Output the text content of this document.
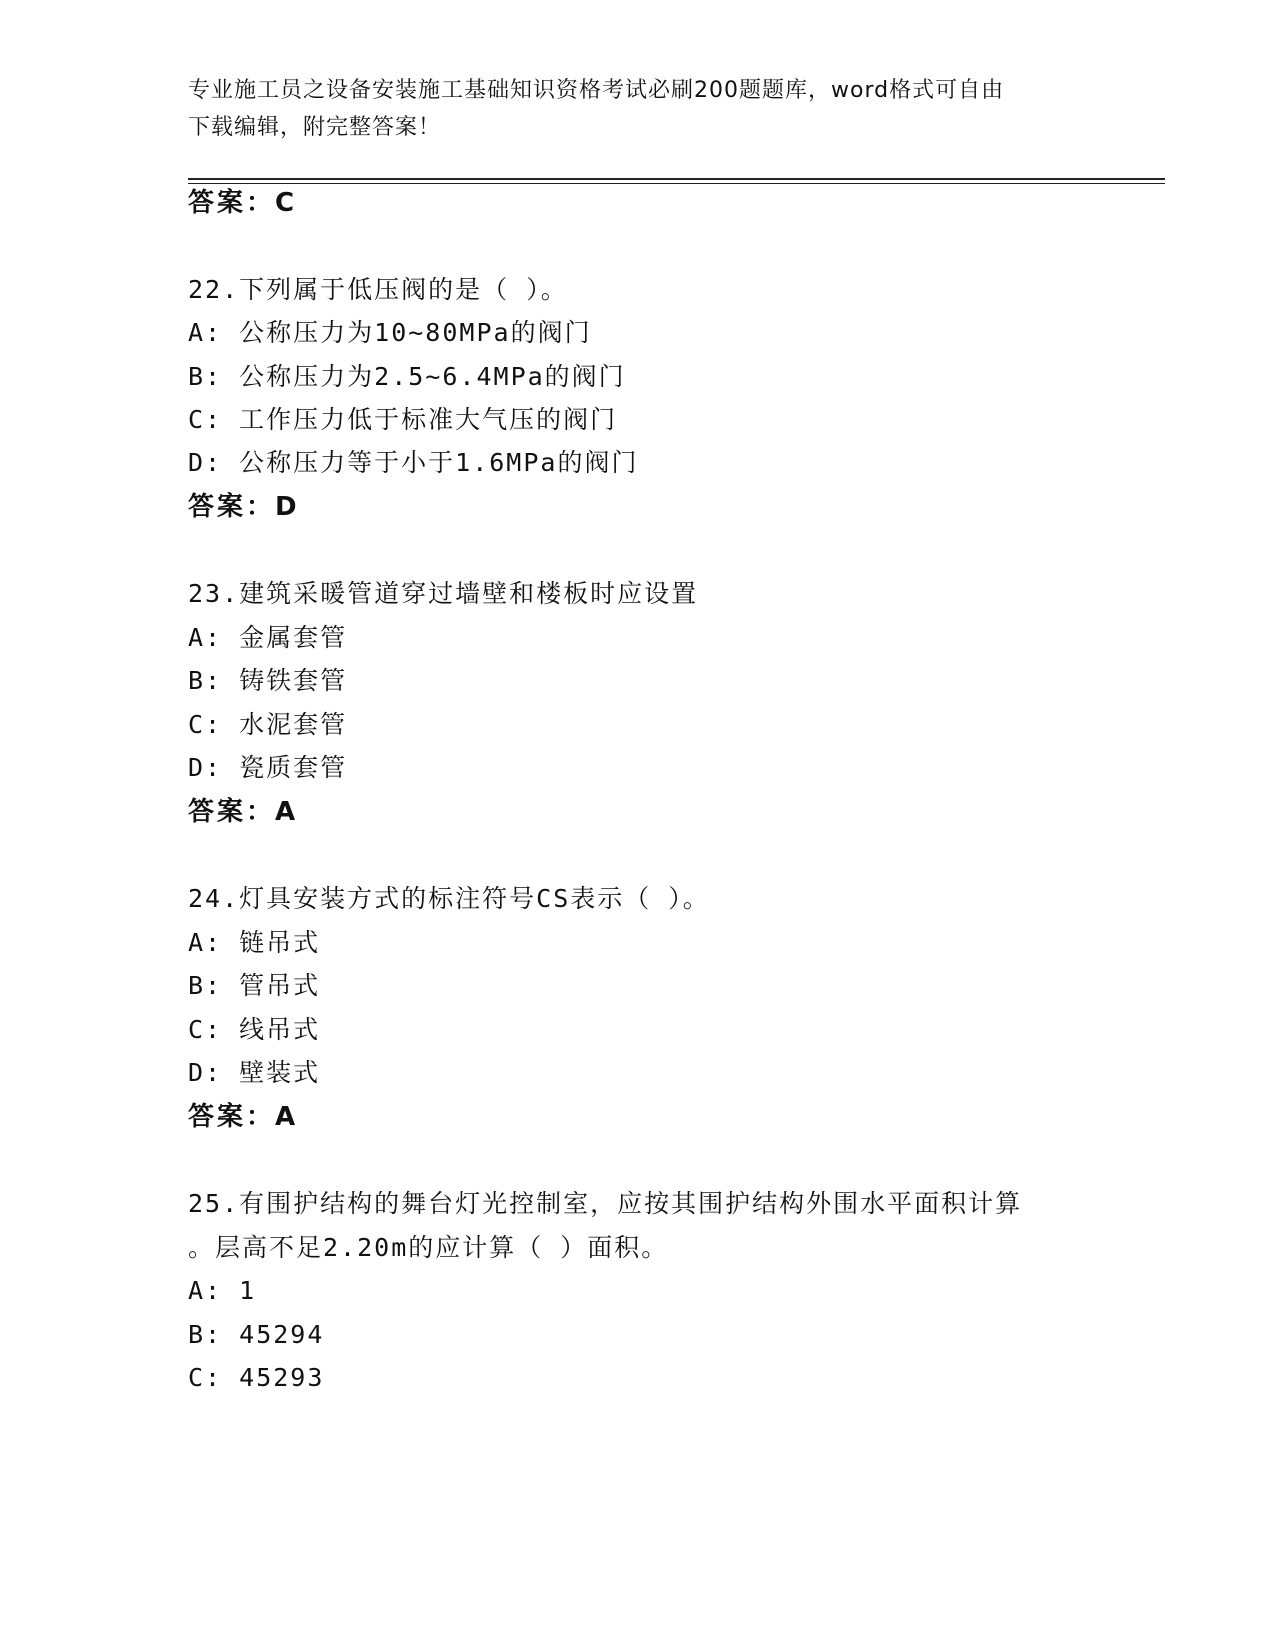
专业施工员之设备安装施工基础知识资格考试必刷200题题库，word格式可自由
下载编辑，附完整答案！
答案：C
22.下列属于低压阀的是（ ）。
A: 公称压力为10~80MPa的阀门
B: 公称压力为2.5~6.4MPa的阀门
C: 工作压力低于标准大气压的阀门
D: 公称压力等于小于1.6MPa的阀门
答案：D
23.建筑采暖管道穿过墙壁和楼板时应设置
A: 金属套管
B: 铸铁套管
C: 水泥套管
D: 瓷质套管
答案：A
24.灯具安装方式的标注符号CS表示（ ）。
A: 链吊式
B: 管吊式
C: 线吊式
D: 壁装式
答案：A
25.有围护结构的舞台灯光控制室，应按其围护结构外围水平面积计算
。层高不足2.20m的应计算（ ）面积。
A: 1
B: 45294
C: 45293
